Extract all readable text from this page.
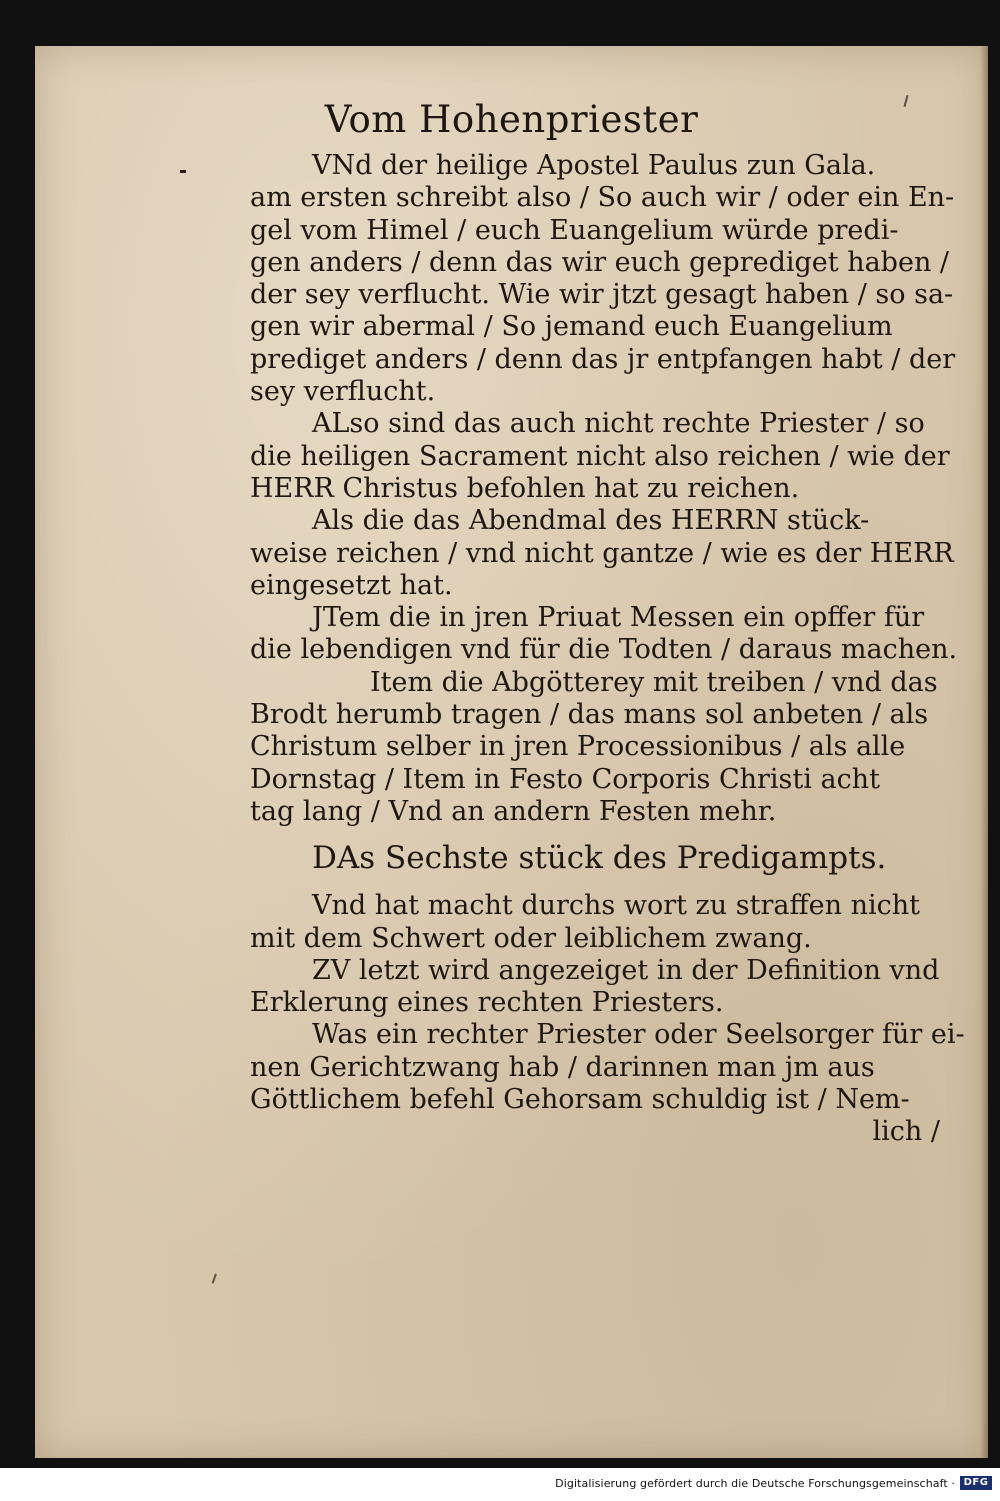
Vom Hohenpriester
VNd der heilige Apostel Paulus zun Gala.
am ersten schreibt also / So auch wir / oder ein En-
gel vom Himel / euch Euangelium würde predi-
gen anders / denn das wir euch geprediget haben /
der sey verflucht. Wie wir jtzt gesagt haben / so sa-
gen wir abermal / So jemand euch Euangelium
prediget anders / denn das jr entpfangen habt / der
sey verflucht.
ALso sind das auch nicht rechte Priester / so
die heiligen Sacrament nicht also reichen / wie der
HERR Christus befohlen hat zu reichen.
Als die das Abendmal des HERRN stück-
weise reichen / vnd nicht gantze / wie es der HERR
eingesetzt hat.
JTem die in jren Priuat Messen ein opffer für
die lebendigen vnd für die Todten / daraus machen.
Item die Abgötterey mit treiben / vnd das
Brodt herumb tragen / das mans sol anbeten / als
Christum selber in jren Processionibus / als alle
Dornstag / Item in Festo Corporis Christi acht
tag lang / Vnd an andern Festen mehr.
DAs Sechste stück des Predigampts.
Vnd hat macht durchs wort zu straffen nicht
mit dem Schwert oder leiblichem zwang.
ZV letzt wird angezeiget in der Definition vnd
Erklerung eines rechten Priesters.
Was ein rechter Priester oder Seelsorger für ei-
nen Gerichtzwang hab / darinnen man jm aus
Göttlichem befehl Gehorsam schuldig ist / Nem-
lich /
Digitalisierung gefördert durch die Deutsche Forschungsgemeinschaft · DFG
